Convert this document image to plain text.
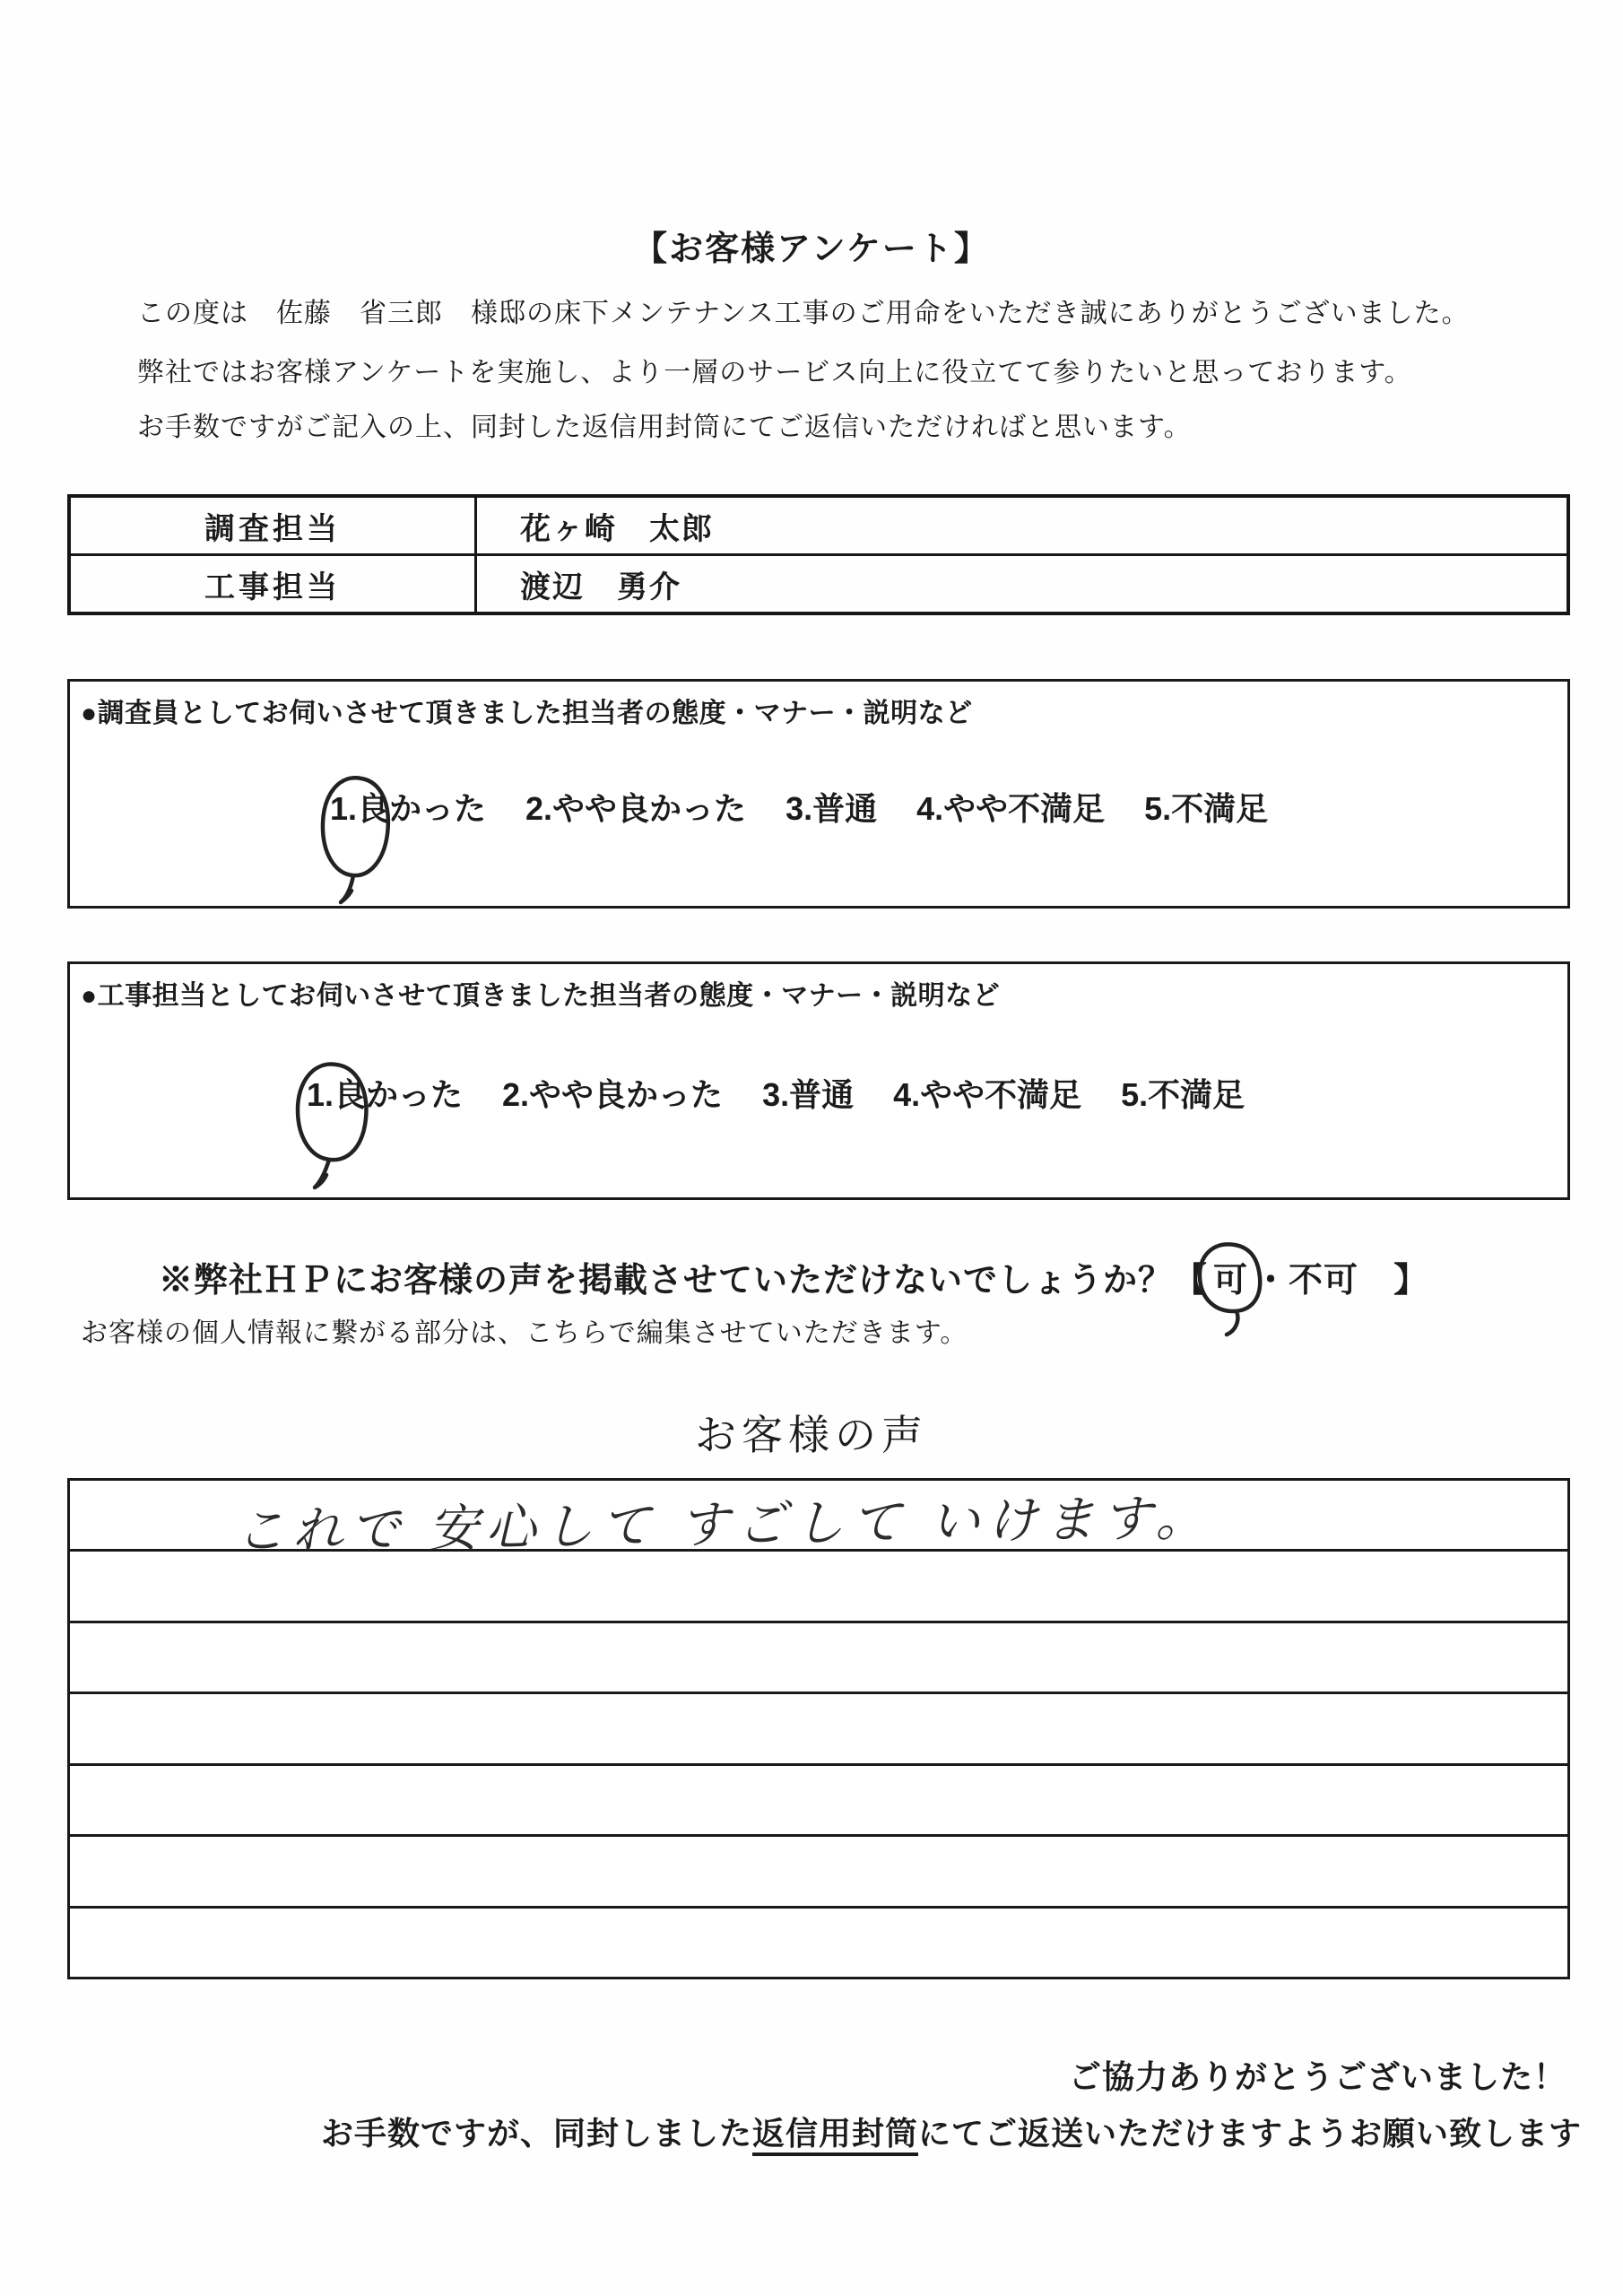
【お客様アンケート】
この度は　佐藤　省三郎　様邸の床下メンテナンス工事のご用命をいただき誠にありがとうございました。
弊社ではお客様アンケートを実施し、より一層のサービス向上に役立てて参りたいと思っております。
お手数ですがご記入の上、同封した返信用封筒にてご返信いただければと思います。
調査担当	花ヶ崎　太郎
工事担当	渡辺　勇介
●調査員としてお伺いさせて頂きました担当者の態度・マナー・説明など
1.良かった 2.やや良かった 3.普通 4.やや不満足 5.不満足
●工事担当としてお伺いさせて頂きました担当者の態度・マナー・説明など
1.良かった 2.やや良かった 3.普通 4.やや不満足 5.不満足
※弊社ＨＰにお客様の声を掲載させていただけないでしょうか？【 可 ・不可　】
お客様の個人情報に繋がる部分は、こちらで編集させていただきます。
お客様の声
これで 安心して すごして いけます。
ご協力ありがとうございました！
お手数ですが、同封しました返信用封筒にてご返送いただけますようお願い致します
